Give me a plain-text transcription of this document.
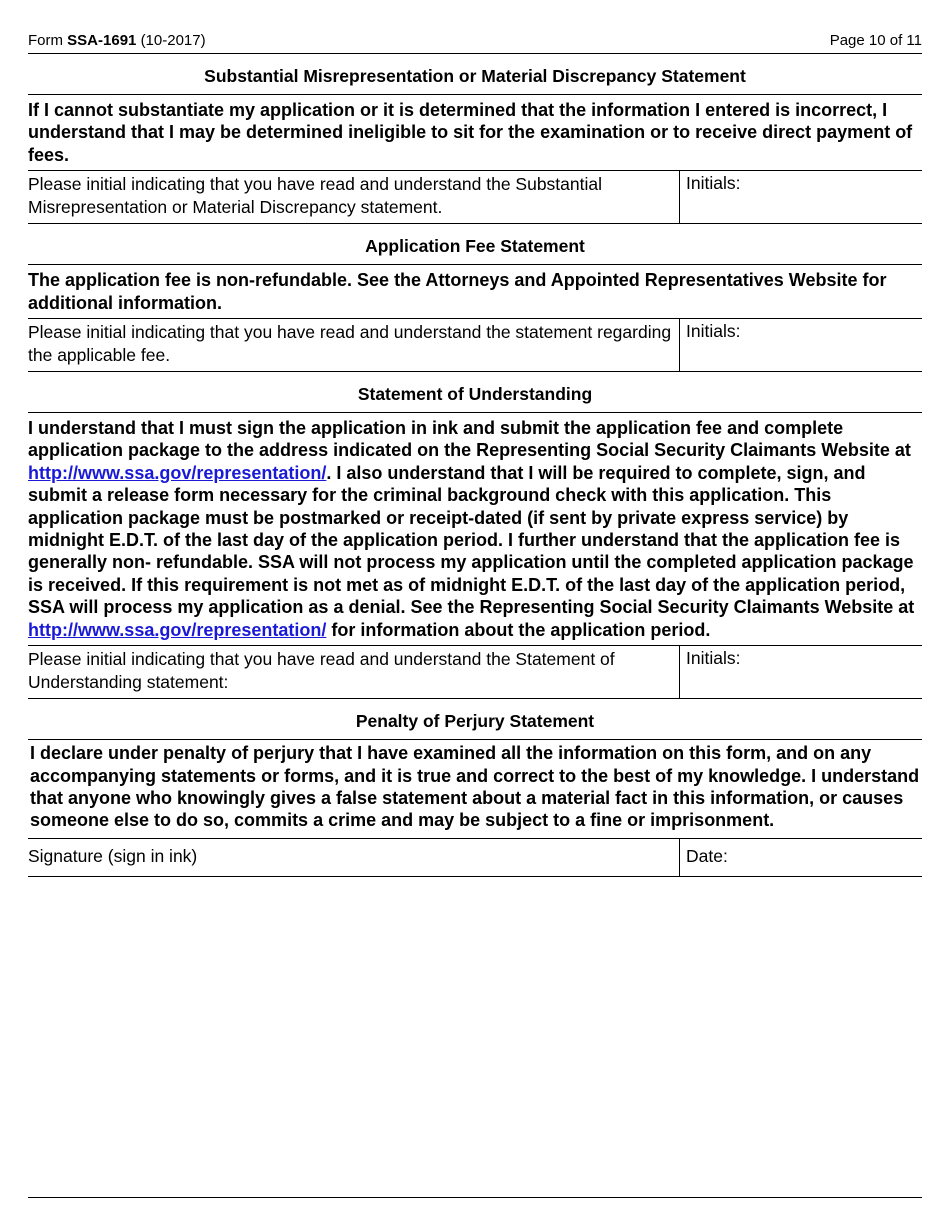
Form SSA-1691 (10-2017)	Page 10 of 11
Substantial Misrepresentation or Material Discrepancy Statement
If I cannot substantiate my application or it is determined that the information I entered is incorrect, I understand that I may be determined ineligible to sit for the examination or to receive direct payment of fees.
Please initial indicating that you have read and understand the Substantial Misrepresentation or Material Discrepancy statement.
Initials:
Application Fee Statement
The application fee is non-refundable. See the Attorneys and Appointed Representatives Website for additional information.
Please initial indicating that you have read and understand the statement regarding the applicable fee.
Initials:
Statement of Understanding
I understand that I must sign the application in ink and submit the application fee and complete application package to the address indicated on the Representing Social Security Claimants Website at http://www.ssa.gov/representation/. I also understand that I will be required to complete, sign, and submit a release form necessary for the criminal background check with this application. This application package must be postmarked or receipt-dated (if sent by private express service) by midnight E.D.T. of the last day of the application period. I further understand that the application fee is generally non- refundable. SSA will not process my application until the completed application package is received. If this requirement is not met as of midnight E.D.T. of the last day of the application period, SSA will process my application as a denial. See the Representing Social Security Claimants Website at http://www.ssa.gov/representation/ for information about the application period.
Please initial indicating that you have read and understand the Statement of Understanding statement:
Initials:
Penalty of Perjury Statement
I declare under penalty of perjury that I have examined all the information on this form, and on any accompanying statements or forms, and it is true and correct to the best of my knowledge. I understand that anyone who knowingly gives a false statement about a material fact in this information, or causes someone else to do so, commits a crime and may be subject to a fine or imprisonment.
Signature (sign in ink)	Date:
